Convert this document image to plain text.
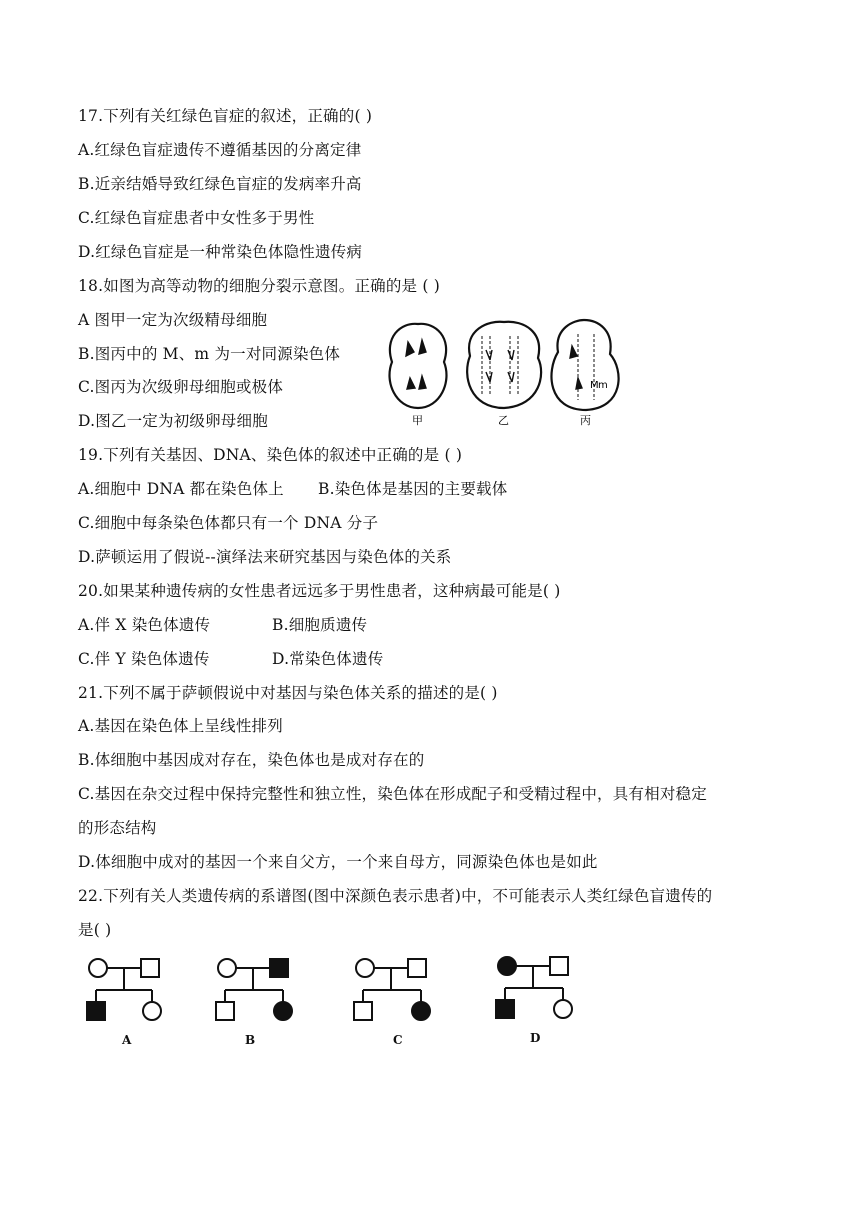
17.下列有关红绿色盲症的叙述，正确的( )
A.红绿色盲症遗传不遵循基因的分离定律
B.近亲结婚导致红绿色盲症的发病率升高
C.红绿色盲症患者中女性多于男性
D.红绿色盲症是一种常染色体隐性遗传病
18.如图为高等动物的细胞分裂示意图。正确的是 ( )
A 图甲一定为次级精母细胞
B.图丙中的 M、m 为一对同源染色体
C.图丙为次级卵母细胞或极体
D.图乙一定为初级卵母细胞
M m
甲	乙	丙
19.下列有关基因、DNA、染色体的叙述中正确的是 ( )
A.细胞中 DNA 都在染色体上 B.染色体是基因的主要载体
C.细胞中每条染色体都只有一个 DNA 分子
D.萨顿运用了假说--演绎法来研究基因与染色体的关系
20.如果某种遗传病的女性患者远远多于男性患者，这种病最可能是( )
A.伴 X 染色体遗传	B.细胞质遗传
C.伴 Y 染色体遗传	D.常染色体遗传
21.下列不属于萨顿假说中对基因与染色体关系的描述的是( )
A.基因在染色体上呈线性排列
B.体细胞中基因成对存在，染色体也是成对存在的
C.基因在杂交过程中保持完整性和独立性，染色体在形成配子和受精过程中，具有相对稳定
的形态结构
D.体细胞中成对的基因一个来自父方，一个来自母方，同源染色体也是如此
22.下列有关人类遗传病的系谱图(图中深颜色表示患者)中，不可能表示人类红绿色盲遗传的
是( )
A	B	C	D
